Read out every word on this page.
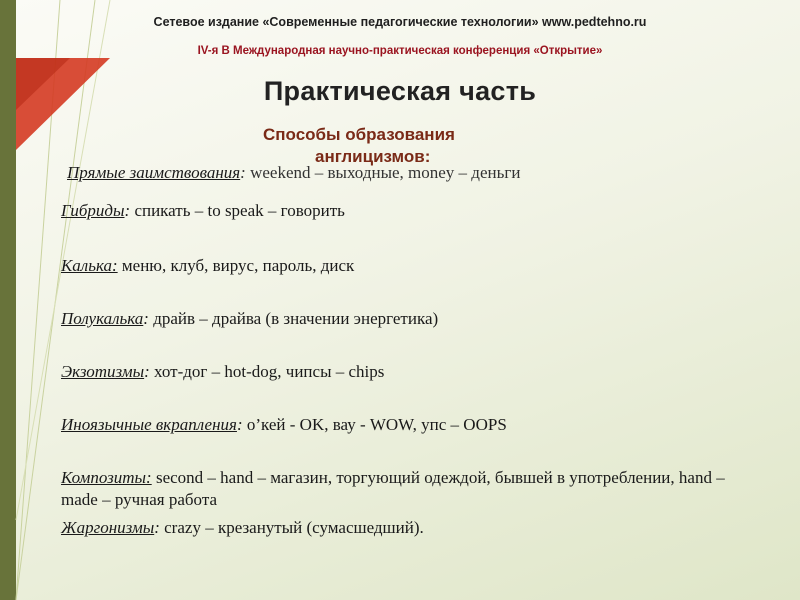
Сетевое издание «Современные педагогические технологии» www.pedtehno.ru
IV-я В Международная научно-практическая конференция «Открытие»
Практическая часть
Способы образования
англицизмов:
Прямые заимствования: weekend – выходные, money – деньги
Гибриды: спикать – to speak – говорить
Калька: меню, клуб, вирус, пароль, диск
Полукалька: драйв – драйва (в значении энергетика)
Экзотизмы: хот-дог – hot-dog, чипсы – chips
Иноязычные вкрапления: о’кей - OK, вау - WOW, упс – OOPS
Композиты: second – hand – магазин, торгующий одеждой, бывшей в употреблении, hand – made – ручная работа
Жаргонизмы: crazy – крезанутый (сумасшедший).
